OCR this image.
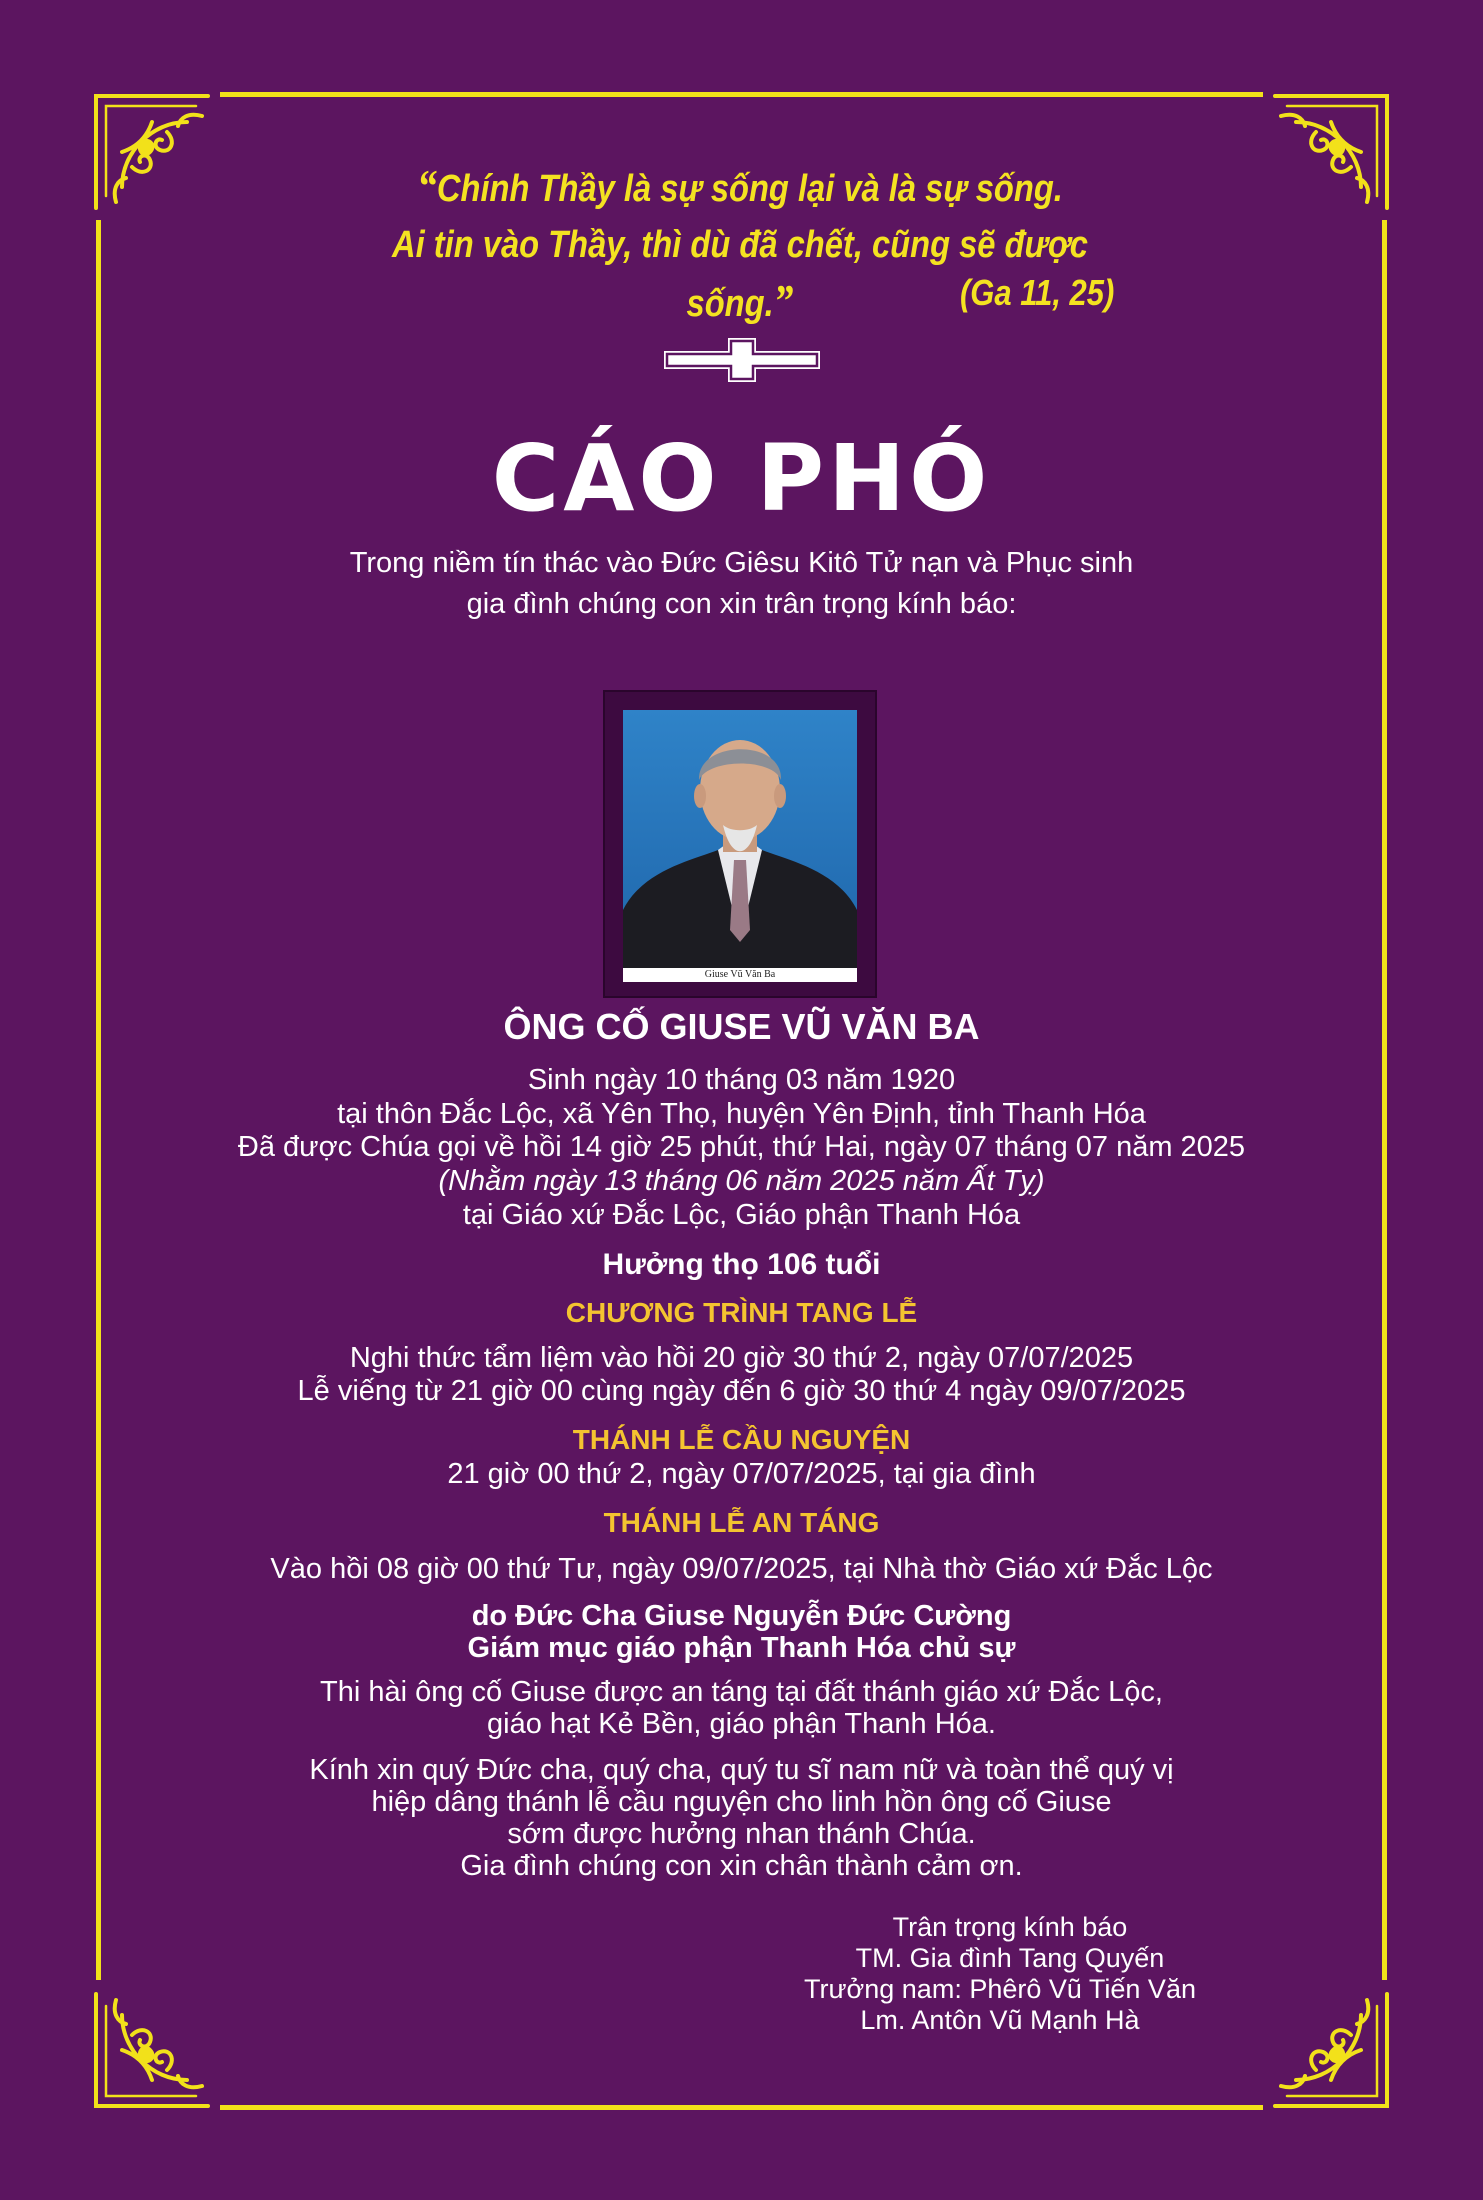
“Chính Thầy là sự sống lại và là sự sống.
Ai tin vào Thầy, thì dù đã chết, cũng sẽ được sống.”	(Ga 11, 25)
CÁO PHÓ
Trong niềm tín thác vào Đức Giêsu Kitô Tử nạn và Phục sinh
gia đình chúng con xin trân trọng kính báo:
Giuse Vũ Văn Ba
ÔNG CỐ GIUSE VŨ VĂN BA
Sinh ngày 10 tháng 03 năm 1920
tại thôn Đắc Lộc, xã Yên Thọ, huyện Yên Định, tỉnh Thanh Hóa
Đã được Chúa gọi về hồi 14 giờ 25 phút, thứ Hai, ngày 07 tháng 07 năm 2025
(Nhằm ngày 13 tháng 06 năm 2025 năm Ất Tỵ)
tại Giáo xứ Đắc Lộc, Giáo phận Thanh Hóa
Hưởng thọ 106 tuổi
CHƯƠNG TRÌNH TANG LỄ
Nghi thức tẩm liệm vào hồi 20 giờ 30 thứ 2, ngày 07/07/2025
Lễ viếng từ 21 giờ 00 cùng ngày đến 6 giờ 30 thứ 4 ngày 09/07/2025
THÁNH LỄ CẦU NGUYỆN
21 giờ 00 thứ 2, ngày 07/07/2025, tại gia đình
THÁNH LỄ AN TÁNG
Vào hồi 08 giờ 00 thứ Tư, ngày 09/07/2025, tại Nhà thờ Giáo xứ Đắc Lộc
do Đức Cha Giuse Nguyễn Đức Cường
Giám mục giáo phận Thanh Hóa chủ sự
Thi hài ông cố Giuse được an táng tại đất thánh giáo xứ Đắc Lộc,
giáo hạt Kẻ Bền, giáo phận Thanh Hóa.
Kính xin quý Đức cha, quý cha, quý tu sĩ nam nữ và toàn thể quý vị
hiệp dâng thánh lễ cầu nguyện cho linh hồn ông cố Giuse
sớm được hưởng nhan thánh Chúa.
Gia đình chúng con xin chân thành cảm ơn.
Trân trọng kính báo
TM. Gia đình Tang Quyến
Trưởng nam: Phêrô Vũ Tiến Văn
Lm. Antôn Vũ Mạnh Hà
